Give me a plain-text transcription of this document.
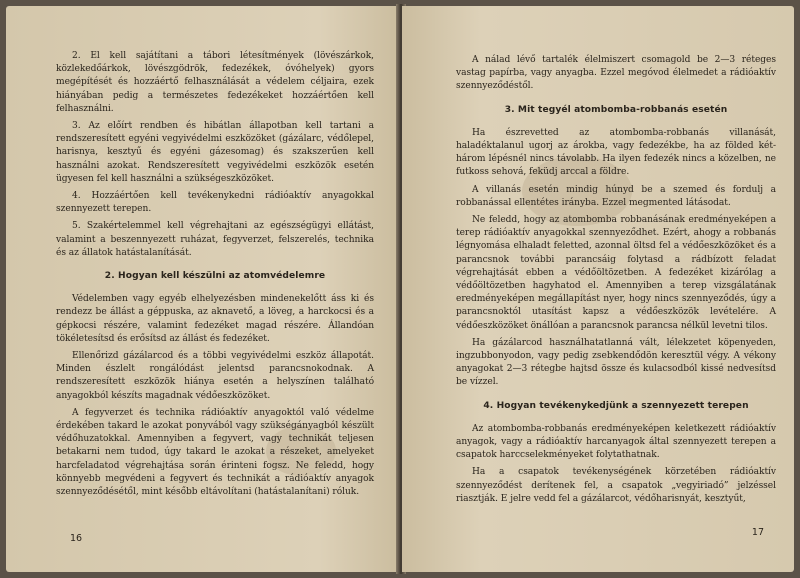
2. El kell sajátítani a tábori létesítmények (lövészárkok, közlekedőárkok, lövészgödrök, fedezékek, óvóhelyek) gyors megépítését és hozzáértő felhasználását a védelem céljaira, ezek hiányában pedig a természetes fedezékeket hozzáértően kell felhasználni.

3. Az előírt rendben és hibátlan állapotban kell tartani a rendszeresített egyéni vegyivédelmi eszközöket (gázálarc, védőlepel, harisnya, kesztyű és egyéni gázesomag) és szakszerűen kell használni azokat. Rendszeresített vegyivédelmi eszközök esetén ügyesen fel kell használni a szükségeszközöket.

4. Hozzáértően kell tevékenykedni rádióaktív anyagokkal szennyezett terepen.

5. Szakértelemmel kell végrehajtani az egészségügyi ellátást, valamint a beszennyezett ruházat, fegyverzet, felszerelés, technika és az állatok hatástalanítását.

2. Hogyan kell készülni az atomvédelemre

Védelemben vagy egyéb elhelyezésben mindenekelőtt áss ki és rendezz be állást a géppuska, az aknavető, a löveg, a harckocsi és a gépkocsi részére, valamint fedezéket magad részére. Állandóan tökéletesítsd és erősítsd az állást és fedezéket.

Ellenőrizd gázálarcod és a többi vegyivédelmi eszköz állapotát. Minden észlelt rongálódást jelentsd parancsnokodnak. A rendszeresített eszközök hiánya esetén a helyszínen található anyagokból készíts magadnak védőeszközöket.

A fegyverzet és technika rádióaktív anyagoktól való védelme érdekében takard le azokat ponyvából vagy szükségányagból készült védőhuzatokkal. Amennyiben a fegyvert, vagy technikát teljesen betakarni nem tudod, úgy takard le azokat a részeket, amelyeket harcfeladatod végrehajtása során érinteni fogsz. Ne feledd, hogy könnyebb megvédeni a fegyvert és technikát a rádióaktív anyagok szennyeződésétől, mint később eltávolítani (hatástalanítani) róluk.

16

A nálad lévő tartalék élelmiszert csomagold be 2—3 réteges vastag papírba, vagy anyagba. Ezzel megóvod élelmedet a rádióaktív szennyeződéstől.

3. Mit tegyél atombomba-robbanás esetén

Ha észrevetted az atombomba-robbanás villanását, haladéktalanul ugorj az árokba, vagy fedezékbe, ha az földed két-három lépésnél nincs távolabb. Ha ilyen fedezék nincs a közelben, ne futkoss sehová, feküdj arccal a földre.

A villanás esetén mindig húnyd be a szemed és fordulj a robbanással ellentétes irányba. Ezzel megmented látásodat.

Ne feledd, hogy az atombomba robbanásának eredményeképen a terep rádióaktív anyagokkal szennyeződhet. Ezért, ahogy a robbanás légnyomása elhaladt feletted, azonnal öltsd fel a védőeszközöket és a parancsnok további parancsáig folytasd a rádbízott feladat végrehajtását ebben a védőöltözetben. A fedezéket kizárólag a védőöltözetben hagyhatod el. Amennyiben a terep vizsgálatának eredményeképen megállapítást nyer, hogy nincs szennyeződés, úgy a parancsnoktól utasítást kapsz a védőeszközök levételére. A védőeszközöket önállóan a parancsnok parancsa nélkül levetni tilos.

Ha gázálarcod használhatatlanná vált, lélekzetet köpenyeden, ingzubbonyodon, vagy pedig zsebkendődön keresztül végy. A vékony anyagokat 2—3 rétegbe hajtsd össze és kulacsodból kissé nedvesítsd be vízzel.

4. Hogyan tevékenykedjünk a szennyezett terepen

Az atombomba-robbanás eredményeképen keletkezett rádióaktív anyagok, vagy a rádióaktív harcanyagok által szennyezett terepen a csapatok harccselekményeket folytathatnak.

Ha a csapatok tevékenységének körzetében rádióaktív szennyeződést derítenek fel, a csapatok „vegyiriadó” jelzéssel riasztják. E jelre vedd fel a gázálarcot, védőharisnyát, kesztyűt,

17
